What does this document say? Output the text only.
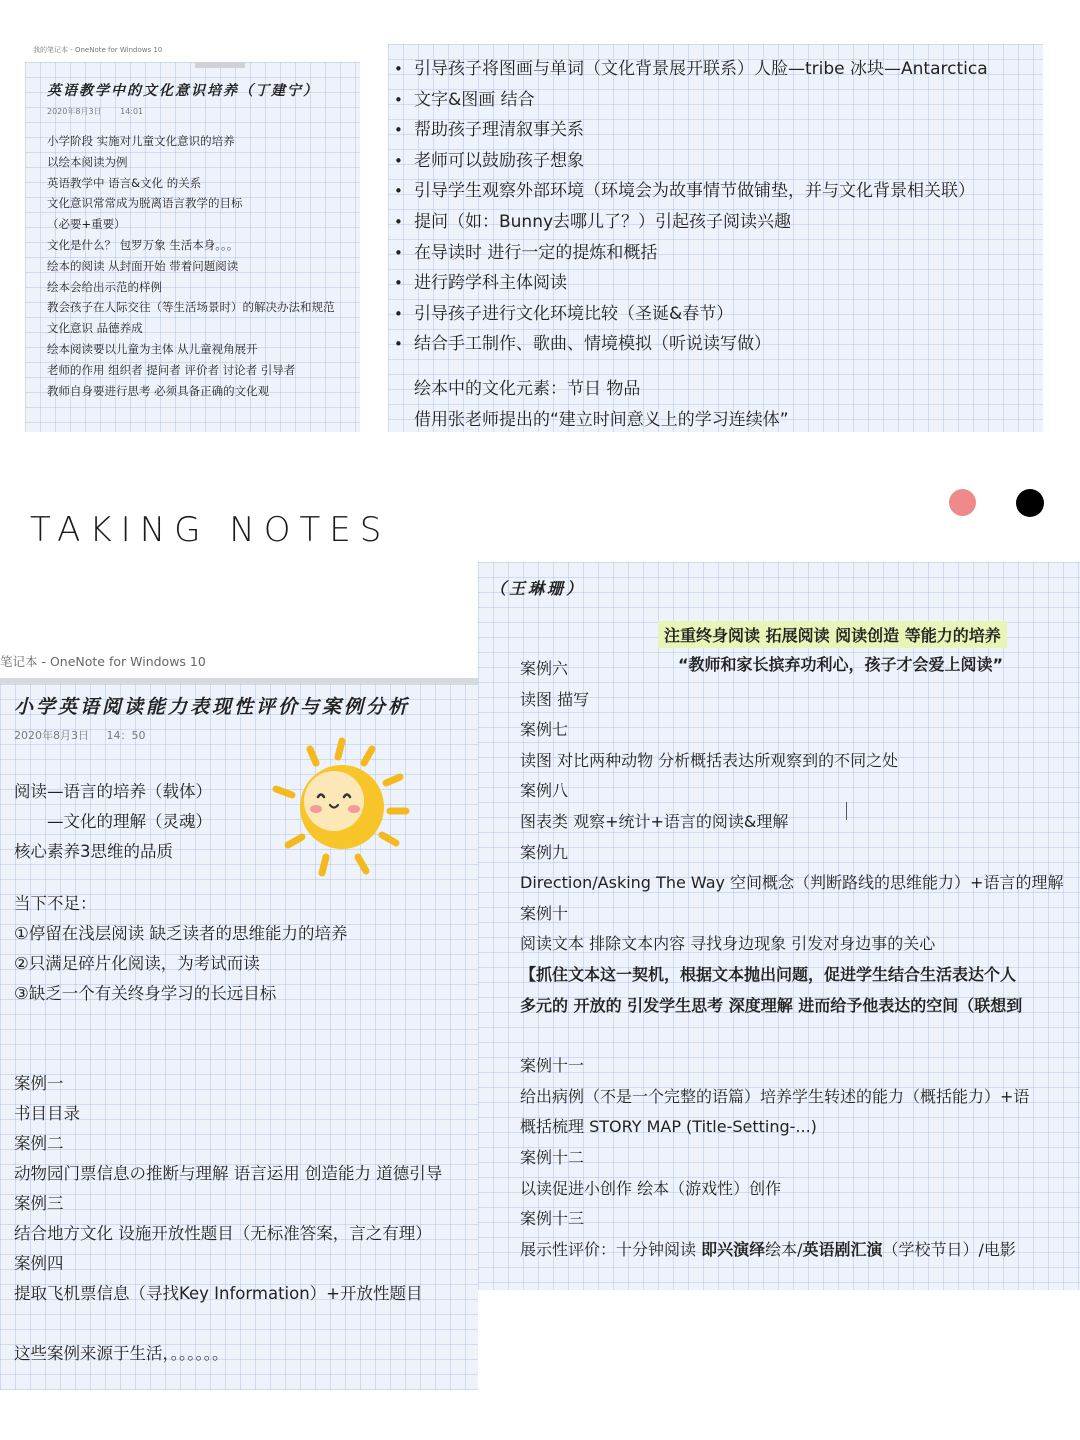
我的笔记本 - OneNote for Windows 10
英语教学中的文化意识培养（丁建宁）
2020年8月3日 14:01
小学阶段 实施对儿童文化意识的培养
以绘本阅读为例
英语教学中 语言&文化 的关系
文化意识常常成为脱离语言教学的目标
（必要+重要）
文化是什么？ 包罗万象 生活本身。。。
绘本的阅读 从封面开始 带着问题阅读
绘本会给出示范的样例
教会孩子在人际交往（等生活场景时）的解决办法和规范
文化意识 品德养成
绘本阅读要以儿童为主体 从儿童视角展开
老师的作用 组织者 提问者 评价者 讨论者 引导者
教师自身要进行思考 必须具备正确的文化观
• 引导孩子将图画与单词（文化背景展开联系）人脸—tribe 冰块—Antarctica
• 文字&图画 结合
• 帮助孩子理清叙事关系
• 老师可以鼓励孩子想象
• 引导学生观察外部环境（环境会为故事情节做铺垫，并与文化背景相关联）
• 提问（如：Bunny去哪儿了？）引起孩子阅读兴趣
• 在导读时 进行一定的提炼和概括
• 进行跨学科主体阅读
• 引导孩子进行文化环境比较（圣诞&春节）
• 结合手工制作、歌曲、情境模拟（听说读写做）
绘本中的文化元素：节日 物品
借用张老师提出的“建立时间意义上的学习连续体”
TAKING NOTES
笔记本 - OneNote for Windows 10
小学英语阅读能力表现性评价与案例分析
2020年8月3日 14：50
阅读—语言的培养（载体）
　　—文化的理解（灵魂）
核心素养3思维的品质
当下不足：
①停留在浅层阅读 缺乏读者的思维能力的培养
②只满足碎片化阅读，为考试而读
③缺乏一个有关终身学习的长远目标
案例一
书目目录
案例二
动物园门票信息の推断与理解 语言运用 创造能力 道德引导
案例三
结合地方文化 设施开放性题目（无标准答案，言之有理）
案例四
提取飞机票信息（寻找Key Information）+开放性题目
这些案例来源于生活，。。。。。。
（王琳珊）
注重终身阅读 拓展阅读 阅读创造 等能力的培养
“教师和家长摈弃功利心，孩子才会爱上阅读”
案例六
读图 描写
案例七
读图 对比两种动物 分析概括表达所观察到的不同之处
案例八
图表类 观察+统计+语言的阅读&理解
案例九
Direction/Asking The Way 空间概念（判断路线的思维能力）+语言的理解
案例十
阅读文本 排除文本内容 寻找身边现象 引发对身边事的关心
【抓住文本这一契机，根据文本抛出问题，促进学生结合生活表达个人
多元的 开放的 引发学生思考 深度理解 进而给予他表达的空间（联想到
案例十一
给出病例（不是一个完整的语篇）培养学生转述的能力（概括能力）+语
概括梳理 STORY MAP (Title-Setting-...)
案例十二
以读促进小创作 绘本（游戏性）创作
案例十三
展示性评价：十分钟阅读 即兴演绎绘本/英语剧汇演（学校节日）/电影
